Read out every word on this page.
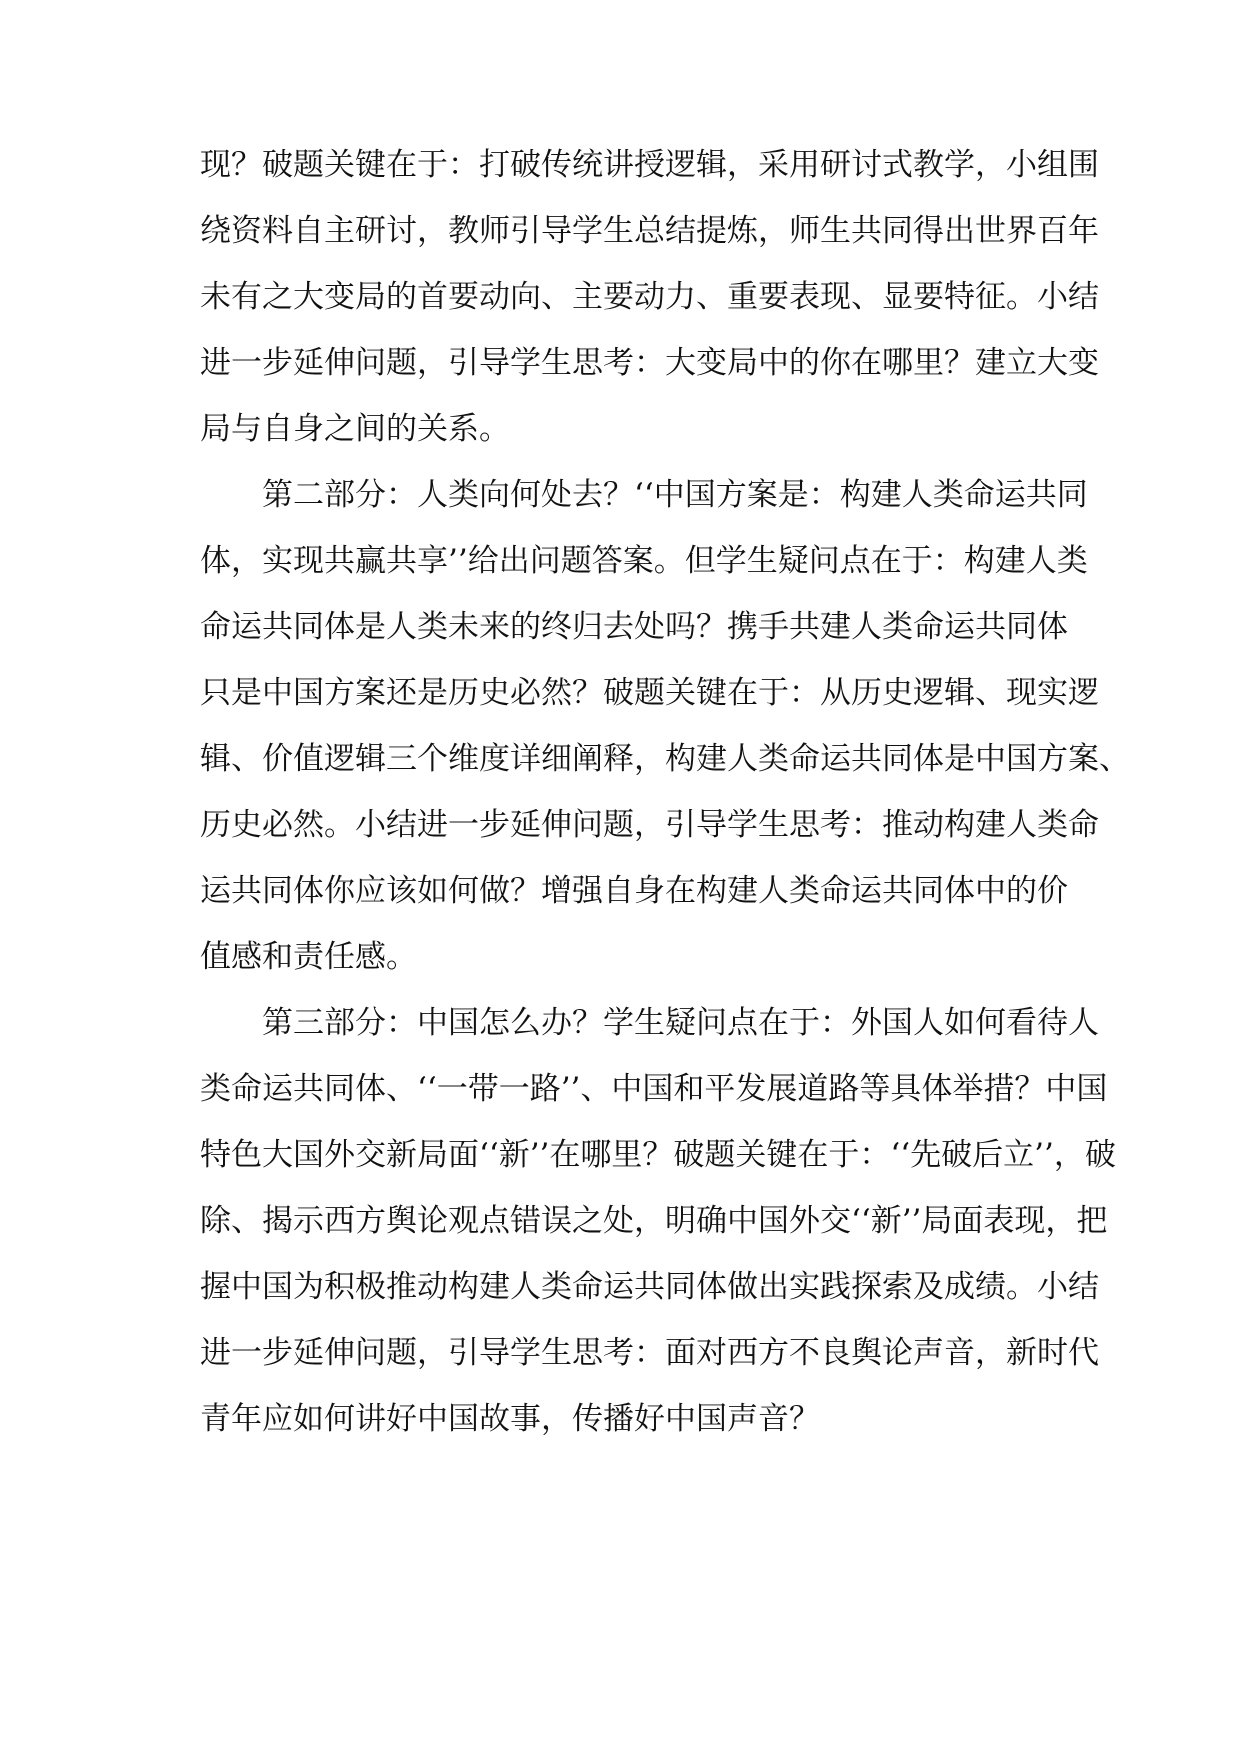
现？破题关键在于：打破传统讲授逻辑，采用研讨式教学，小组围
绕资料自主研讨，教师引导学生总结提炼，师生共同得出世界百年
未有之大变局的首要动向、主要动力、重要表现、显要特征。小结
进一步延伸问题，引导学生思考：大变局中的你在哪里？建立大变
局与自身之间的关系。
第二部分：人类向何处去？‘‘中国方案是：构建人类命运共同
体，实现共赢共享’’给出问题答案。但学生疑问点在于：构建人类
命运共同体是人类未来的终归去处吗？携手共建人类命运共同体
只是中国方案还是历史必然？破题关键在于：从历史逻辑、现实逻
辑、价值逻辑三个维度详细阐释，构建人类命运共同体是中国方案、
历史必然。小结进一步延伸问题，引导学生思考：推动构建人类命
运共同体你应该如何做？增强自身在构建人类命运共同体中的价
值感和责任感。
第三部分：中国怎么办？学生疑问点在于：外国人如何看待人
类命运共同体、‘‘一带一路’’、中国和平发展道路等具体举措？中国
特色大国外交新局面‘‘新’’在哪里？破题关键在于：‘‘先破后立’’，破
除、揭示西方舆论观点错误之处，明确中国外交‘‘新’’局面表现，把
握中国为积极推动构建人类命运共同体做出实践探索及成绩。小结
进一步延伸问题，引导学生思考：面对西方不良舆论声音，新时代
青年应如何讲好中国故事，传播好中国声音？
